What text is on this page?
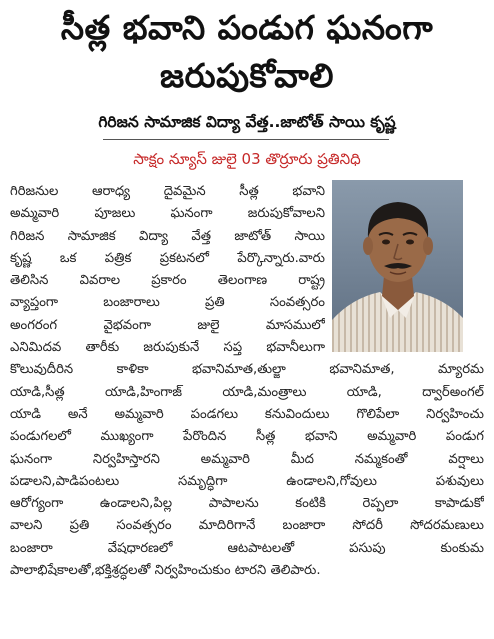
సీత్ల భవాని పండుగ ఘనంగా
జరుపుకోవాలి
గిరిజన సామాజిక విద్యా వేత్త..జాటోత్ సాయి కృష్ణ
సాక్షం న్యూస్ జులై 03 తొర్రూరు ప్రతినిధి
గిరిజనుల ఆరాధ్య దైవమైన సీత్ల భవాని
అమ్మవారి పూజలు ఘనంగా జరుపుకోవాలని
గిరిజన సామాజిక విద్యా వేత్త జాటోత్ సాయి
కృష్ణ ఒక పత్రిక ప్రకటనలో పేర్కొన్నారు.వారు
తెలిసిన వివరాల ప్రకారం తెలంగాణ రాష్ట్ర
వ్యాప్తంగా బంజారాలు ప్రతి సంవత్సరం
అంగరంగ వైభవంగా జులై మాసములో
ఎనిమిదవ తారీకు జరుపుకునే సప్త భవానీలుగా
కొలువుదీరిన కాళికా భవానిమాత,తుల్జా భవానిమాత, మ్యారమ
యాడి,సీత్ల యాడి,హింగాజ్ యాడి,మంత్రాలు యాడి, ద్వార్అంగల్
యాడి అనే అమ్మవారి పండగలు కనువిందులు గొలిపేలా నిర్వహించు
పండుగలలో ముఖ్యంగా పేరొందిన సీత్ల భవాని అమ్మవారి పండుగ
ఘనంగా నిర్వహిస్తారని అమ్మవారి మీద నమ్మకంతో వర్షాలు
పడాలని,పాడిపంటలు సమృద్ధిగా ఉండాలని,గోవులు పశువులు
ఆరోగ్యంగా ఉండాలని,పిల్ల పాపాలను కంటికి రెప్పలా కాపాడుకో
వాలని ప్రతి సంవత్సరం మాదిరిగానే బంజారా సోదరీ సోదరమణులు
బంజారా వేషధారణలో ఆటపాటలతో పసుపు కుంకుమ
పాలాభిషేకాలతో,భక్తిశ్రద్ధలతో నిర్వహించుకుం టారని తెలిపారు.
